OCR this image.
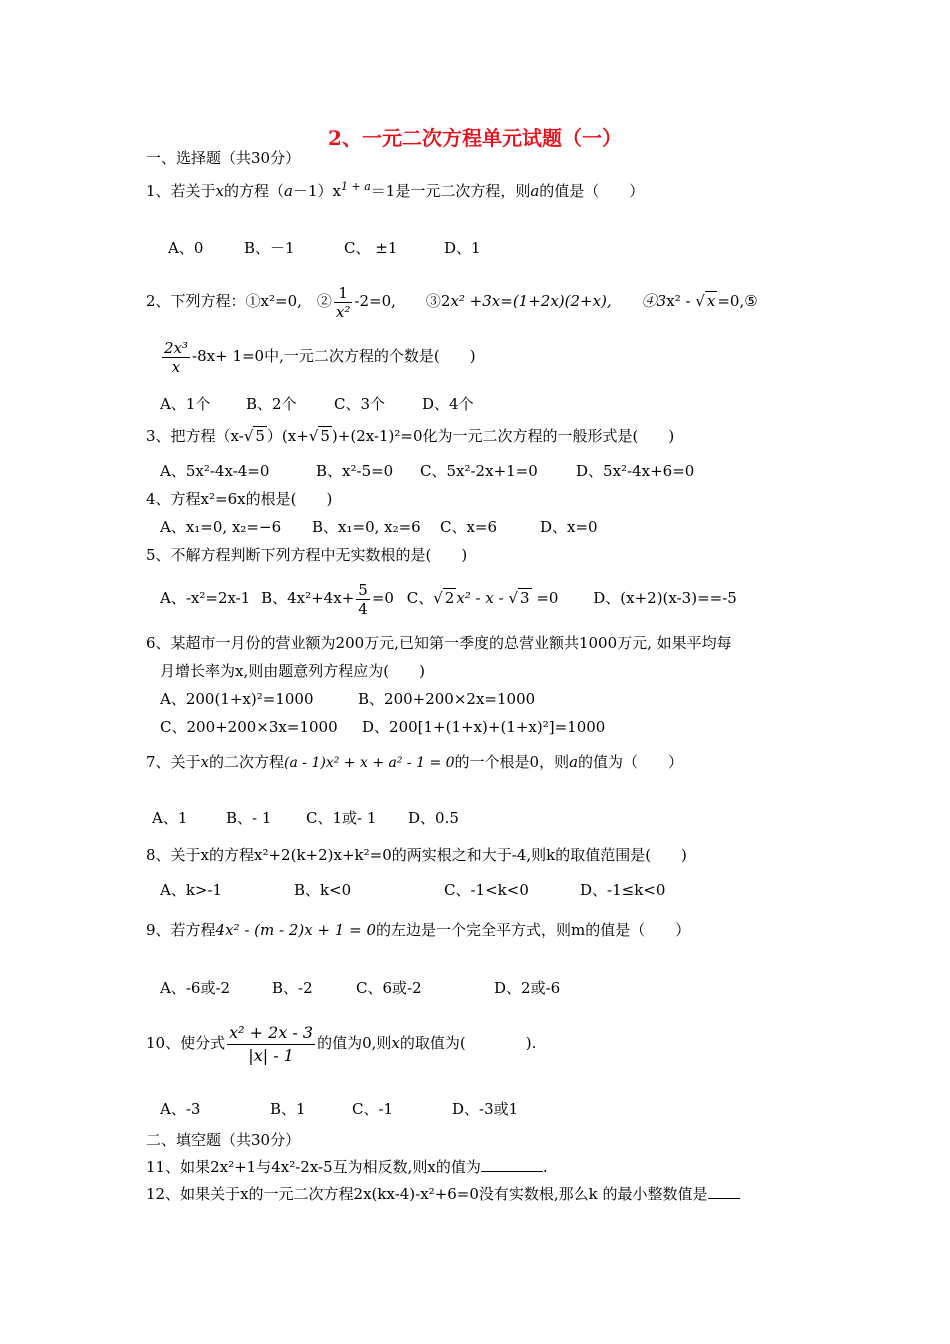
2、一元二次方程单元试题（一）
一、选择题（共30分）
1、若关于x的方程$(a-1)x^{1 + a}=1$是一元二次方程，则a的值是（　　）
A、0	B、－1	C、 ±1	D、1
2、下列方程：①x²=0,　② $\frac{1}{\text{x²}} -2=0$,　　③2x² +3x=(1+2x)(2+x),　　④3x² - √ x =0,⑤
$\frac{\text{2x³}}{x} -8x+ 1=0$中,一元二次方程的个数是(　　)
A、1个 B、2个 C、3个 D、4个
3、把方程（x-√ 5 ）(x+√ 5 )+(2x-1)²=0化为一元二次方程的一般形式是(　　)
A、5x²-4x-4=0	B、x²-5=0 C、5x²-2x+1=0	D、5x²-4x+6=0
4、方程x²=6x的根是(　　)
A、x₁=0, x₂=−6 B、x₁=0, x₂=6 C、x=6	D、x=0
5、不解方程判断下列方程中无实数根的是(　　)
A、-x²=2x-1 B、$4x^2+4x+ \frac{5}{4} =0$ C、√ 2 x² - x - √ 3 =0 D、(x+2)(x-3)==-5
6、某超市一月份的营业额为200万元,已知第一季度的总营业额共1000万元, 如果平均每
月增长率为x,则由题意列方程应为(　　)
A、200(1+x)²=1000	B、200+200×2x=1000
C、200+200×3x=1000 D、200[1+(1+x)+(1+x)²]=1000
7、关于x的二次方程(a - 1)x² + x + a² - 1 = 0的一个根是0，则a的值为（　　）
A、1	B、- 1 C、1或- 1 D、0.5
8、关于x的方程x²+2(k+2)x+k²=0的两实根之和大于-4,则k的取值范围是(　　)
A、k>-1	B、k<0	C、-1<k<0	D、-1≤k<0
9、若方程4x² - (m - 2)x + 1 = 0的左边是一个完全平方式，则m的值是（　　）
A、-6或-2	B、-2	C、6或-2	D、2或-6
10、使分式 $\frac{\text{x² + 2x - 3}}{|x| - 1}$ 的值为0,则x的取值为(　　　　).
A、-3	B、1	C、-1	D、-3或1
二、填空题（共30分）
11、如果2x²+1与4x²-2x-5互为相反数,则x的值为	.
12、如果关于x的一元二次方程2x(kx-4)-x²+6=0没有实数根,那么k 的最小整数值是
